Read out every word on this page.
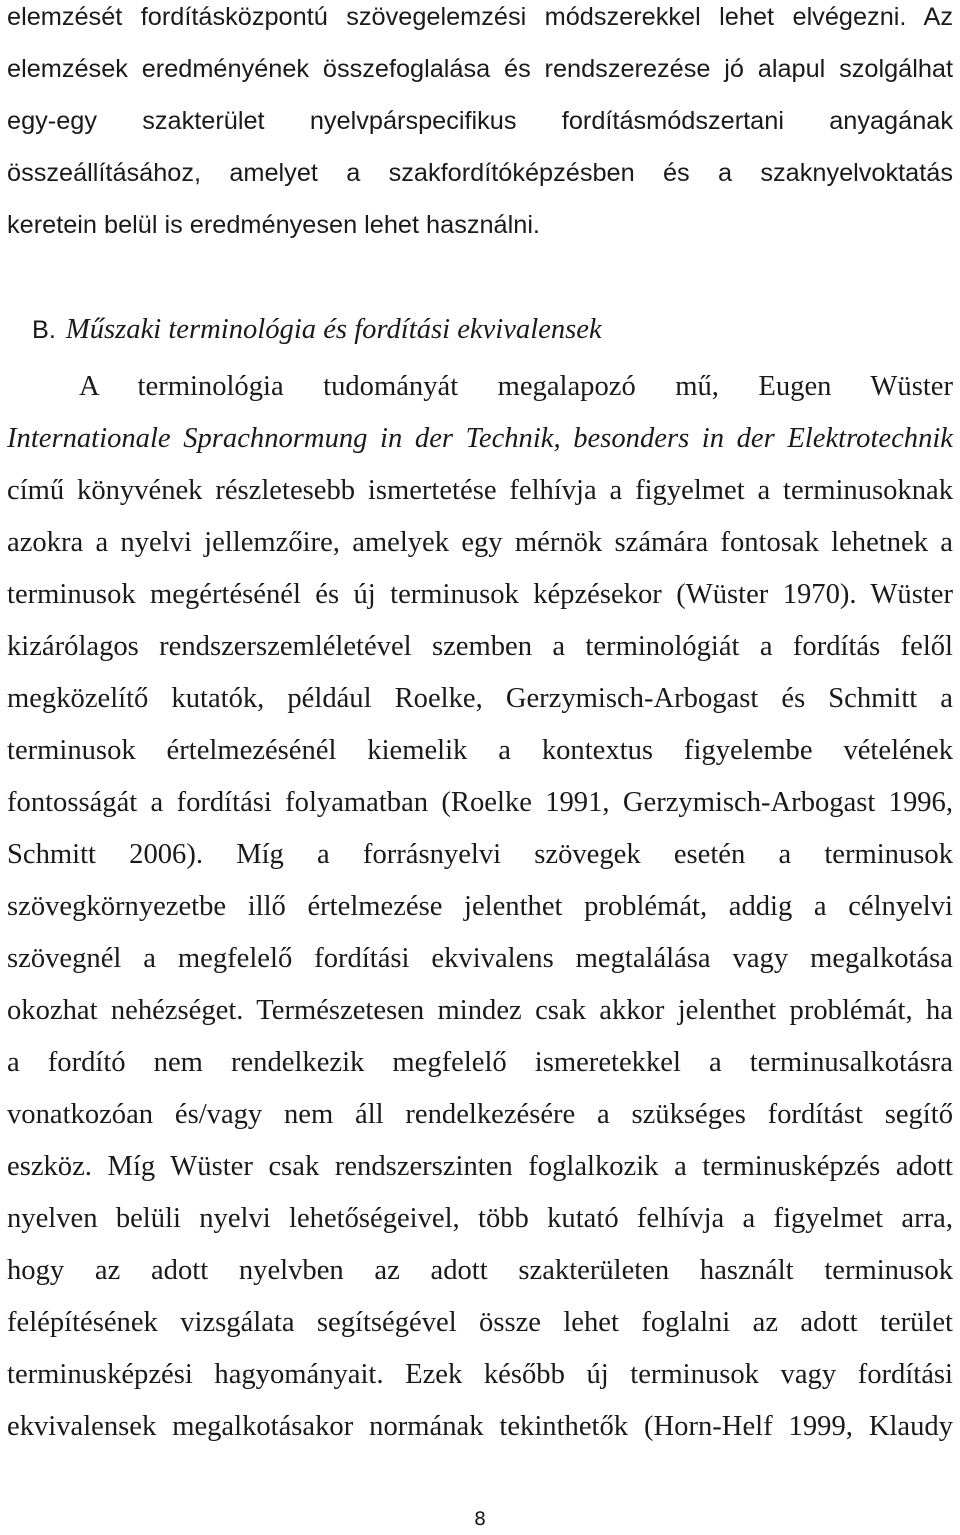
elemzését fordításközpontú szövegelemzési módszerekkel lehet elvégezni. Az
elemzések eredményének összefoglalása és rendszerezése jó alapul szolgálhat
egy-egy szakterület nyelvpárspecifikus fordításmódszertani anyagának
összeállításához, amelyet a szakfordítóképzésben és a szaknyelvoktatás
keretein belül is eredményesen lehet használni.
B. Műszaki terminológia és fordítási ekvivalensek
A terminológia tudományát megalapozó mű, Eugen Wüster
Internationale Sprachnormung in der Technik, besonders in der Elektrotechnik
című könyvének részletesebb ismertetése felhívja a figyelmet a terminusoknak
azokra a nyelvi jellemzőire, amelyek egy mérnök számára fontosak lehetnek a
terminusok megértésénél és új terminusok képzésekor (Wüster 1970). Wüster
kizárólagos rendszerszemléletével szemben a terminológiát a fordítás felől
megközelítő kutatók, például Roelke, Gerzymisch-Arbogast és Schmitt a
terminusok értelmezésénél kiemelik a kontextus figyelembe vételének
fontosságát a fordítási folyamatban (Roelke 1991, Gerzymisch-Arbogast 1996,
Schmitt 2006). Míg a forrásnyelvi szövegek esetén a terminusok
szövegkörnyezetbe illő értelmezése jelenthet problémát, addig a célnyelvi
szövegnél a megfelelő fordítási ekvivalens megtalálása vagy megalkotása
okozhat nehézséget. Természetesen mindez csak akkor jelenthet problémát, ha
a fordító nem rendelkezik megfelelő ismeretekkel a terminusalkotásra
vonatkozóan és/vagy nem áll rendelkezésére a szükséges fordítást segítő
eszköz. Míg Wüster csak rendszerszinten foglalkozik a terminusképzés adott
nyelven belüli nyelvi lehetőségeivel, több kutató felhívja a figyelmet arra,
hogy az adott nyelvben az adott szakterületen használt terminusok
felépítésének vizsgálata segítségével össze lehet foglalni az adott terület
terminusképzési hagyományait. Ezek később új terminusok vagy fordítási
ekvivalensek megalkotásakor normának tekinthetők (Horn-Helf 1999, Klaudy
8
